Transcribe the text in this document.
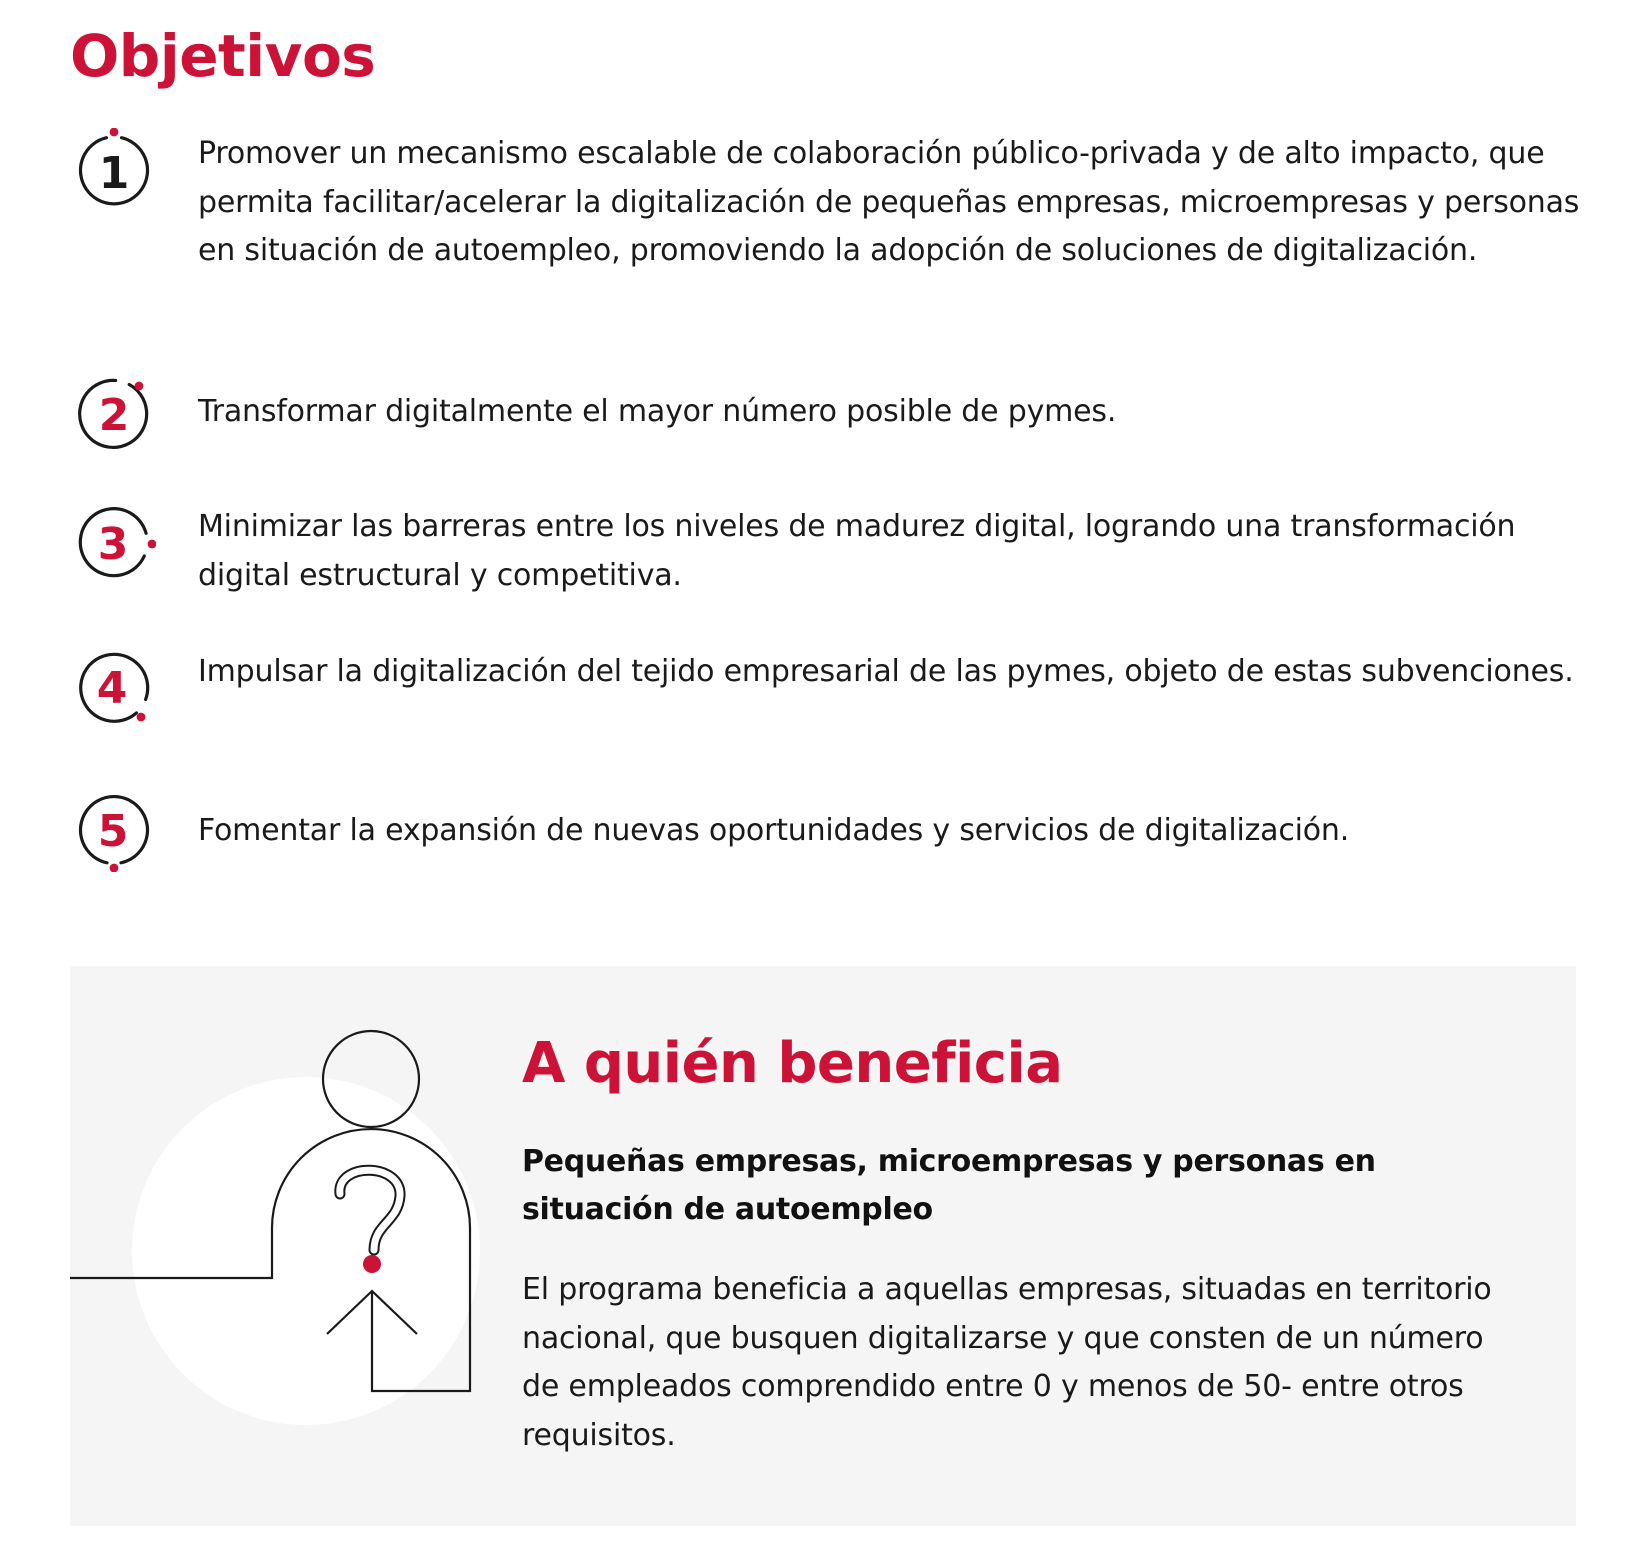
Objetivos
1 Promover un mecanismo escalable de colaboración público-privada y de alto impacto, que permita facilitar/acelerar la digitalización de pequeñas empresas, microempresas y personas en situación de autoempleo, promoviendo la adopción de soluciones de digitalización.

2 Transformar digitalmente el mayor número posible de pymes.

3 Minimizar las barreras entre los niveles de madurez digital, logrando una transformación digital estructural y competitiva.

4 Impulsar la digitalización del tejido empresarial de las pymes, objeto de estas subvenciones.

5 Fomentar la expansión de nuevas oportunidades y servicios de digitalización.

A quién beneficia

Pequeñas empresas, microempresas y personas en situación de autoempleo

El programa beneficia a aquellas empresas, situadas en territorio nacional, que busquen digitalizarse y que consten de un número de empleados comprendido entre 0 y menos de 50- entre otros requisitos.
